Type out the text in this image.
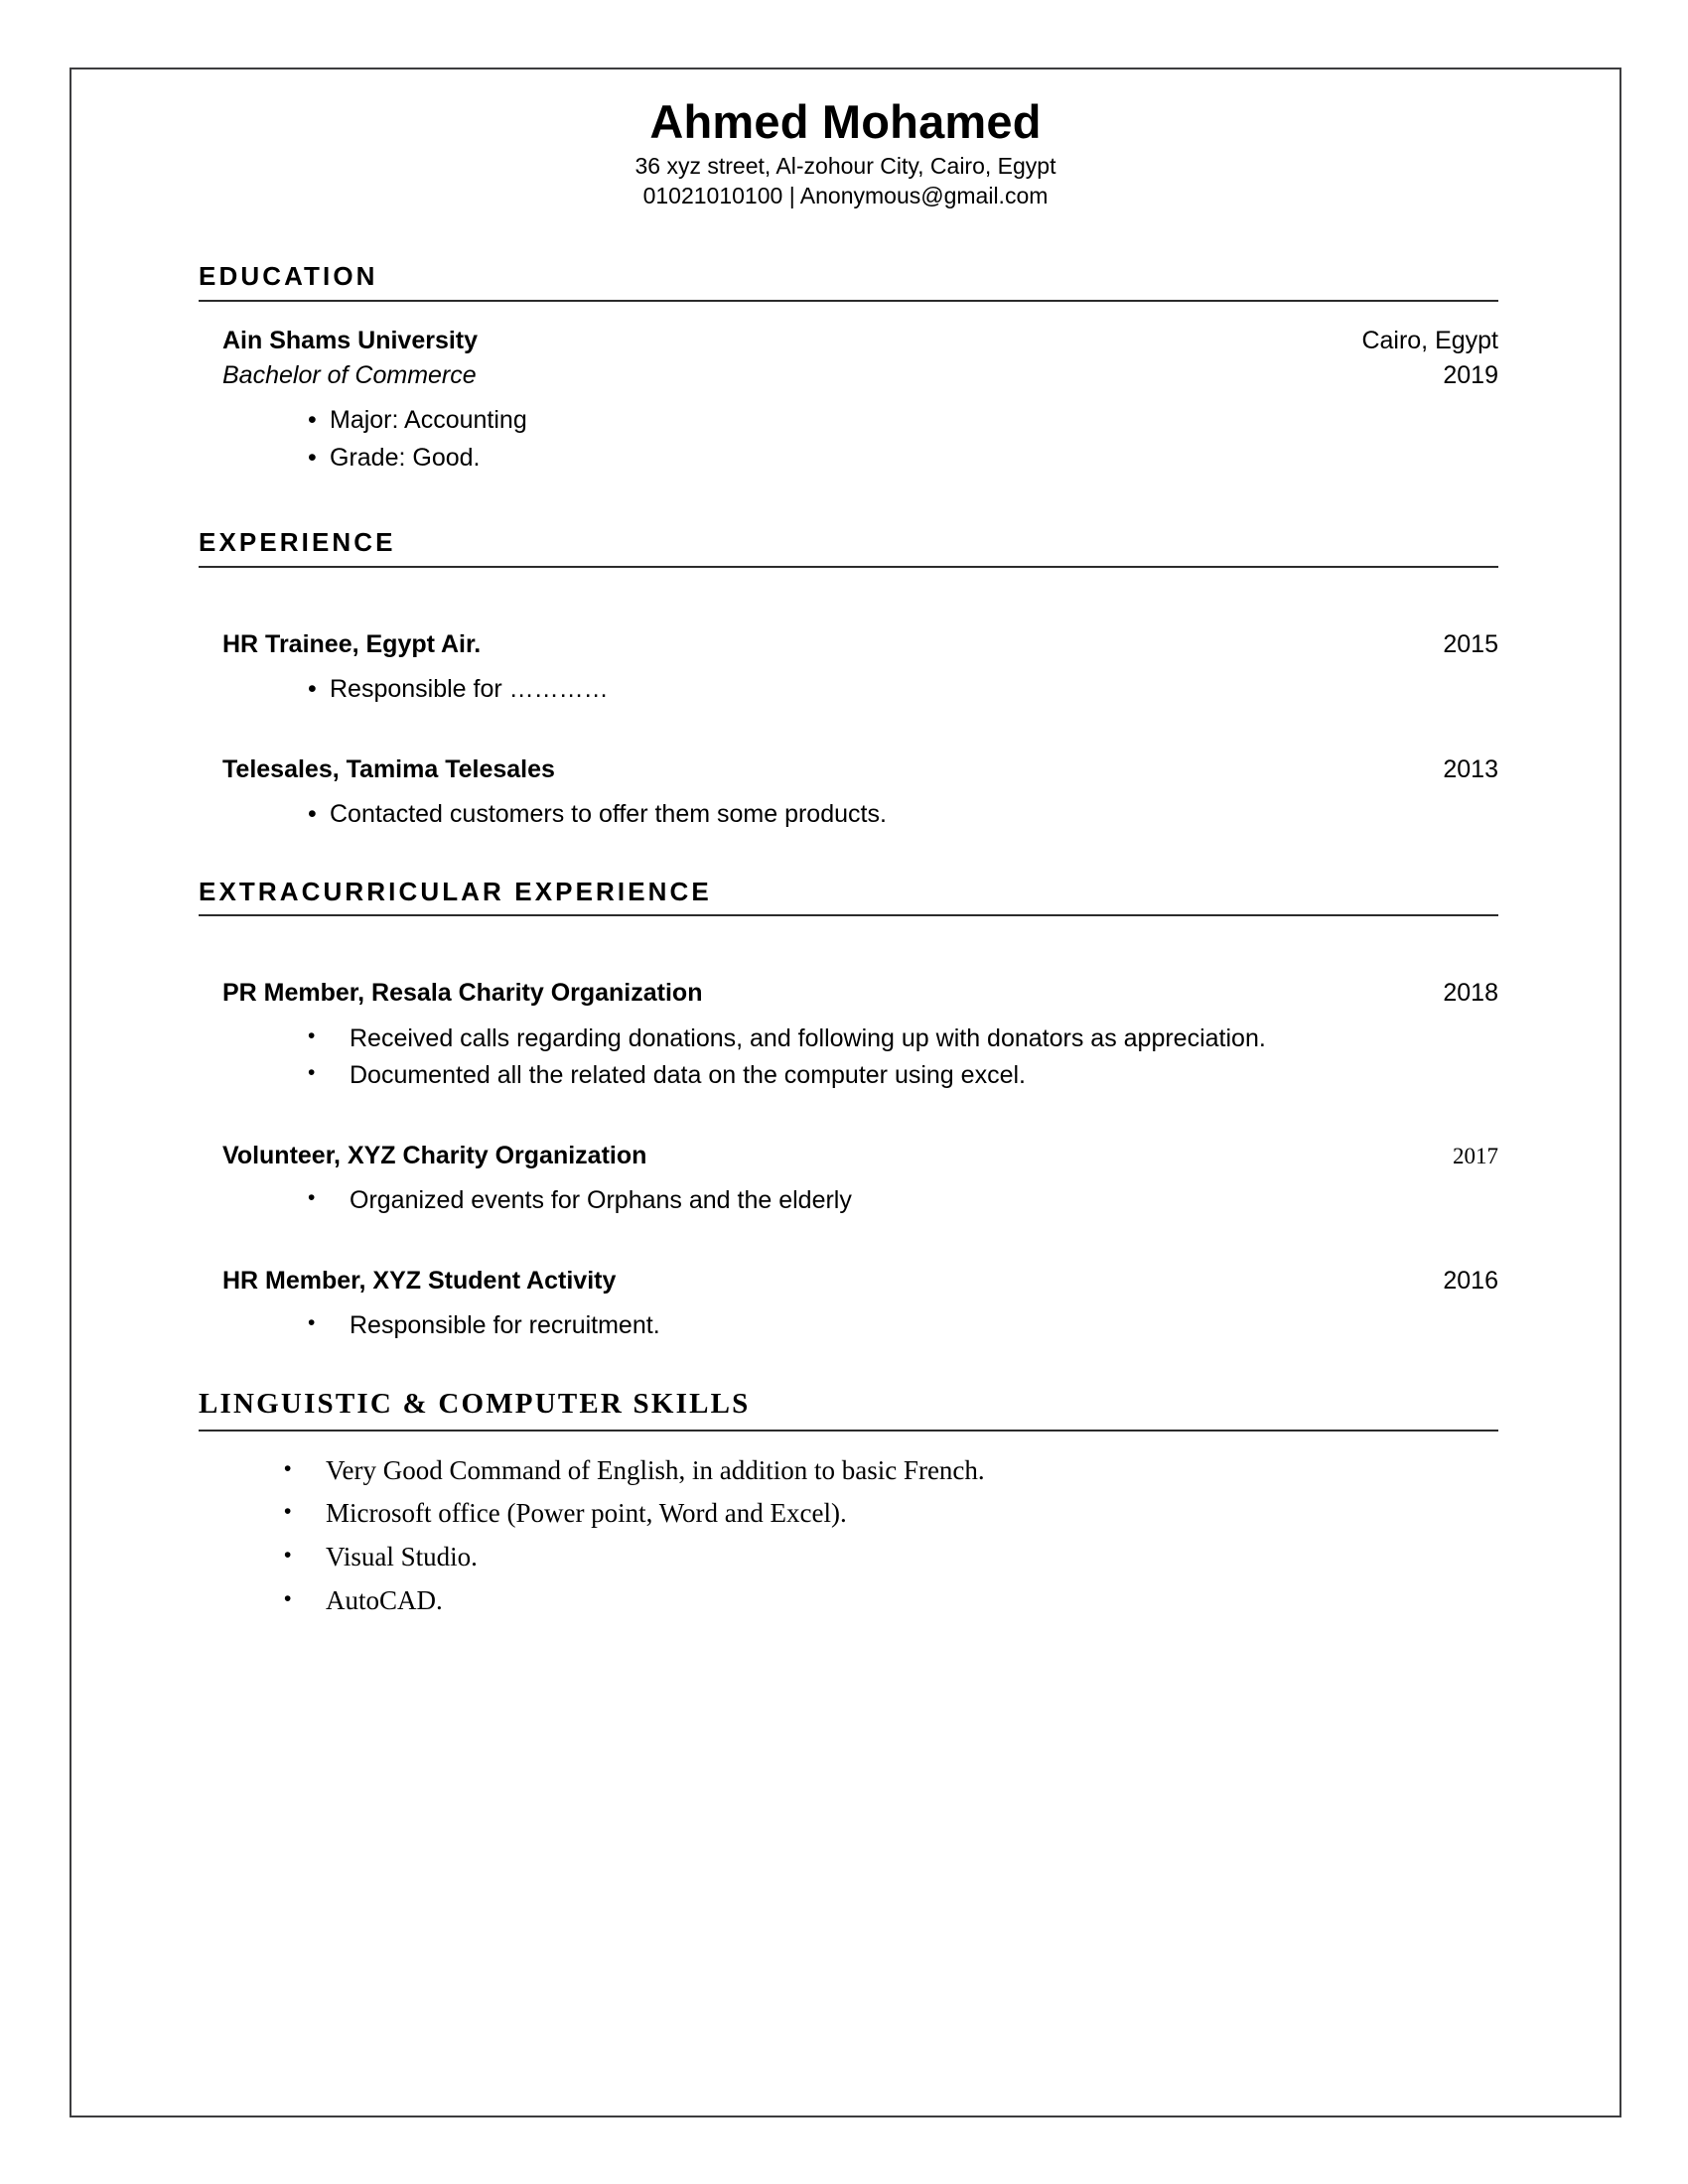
Ahmed Mohamed
36 xyz street, Al-zohour City, Cairo, Egypt
01021010100 | Anonymous@gmail.com
EDUCATION
Ain Shams University	Cairo, Egypt
Bachelor of Commerce	2019
• Major: Accounting
• Grade: Good.
EXPERIENCE
HR Trainee, Egypt Air.	2015
• Responsible for …………
Telesales, Tamima Telesales	2013
• Contacted customers to offer them some products.
EXTRACURRICULAR EXPERIENCE
PR Member, Resala Charity Organization	2018
• Received calls regarding donations, and following up with donators as appreciation.
• Documented all the related data on the computer using excel.
Volunteer, XYZ Charity Organization	2017
• Organized events for Orphans and the elderly
HR Member, XYZ Student Activity	2016
• Responsible for recruitment.
LINGUISTIC & COMPUTER SKILLS
• Very Good Command of English, in addition to basic French.
• Microsoft office (Power point, Word and Excel).
• Visual Studio.
• AutoCAD.
